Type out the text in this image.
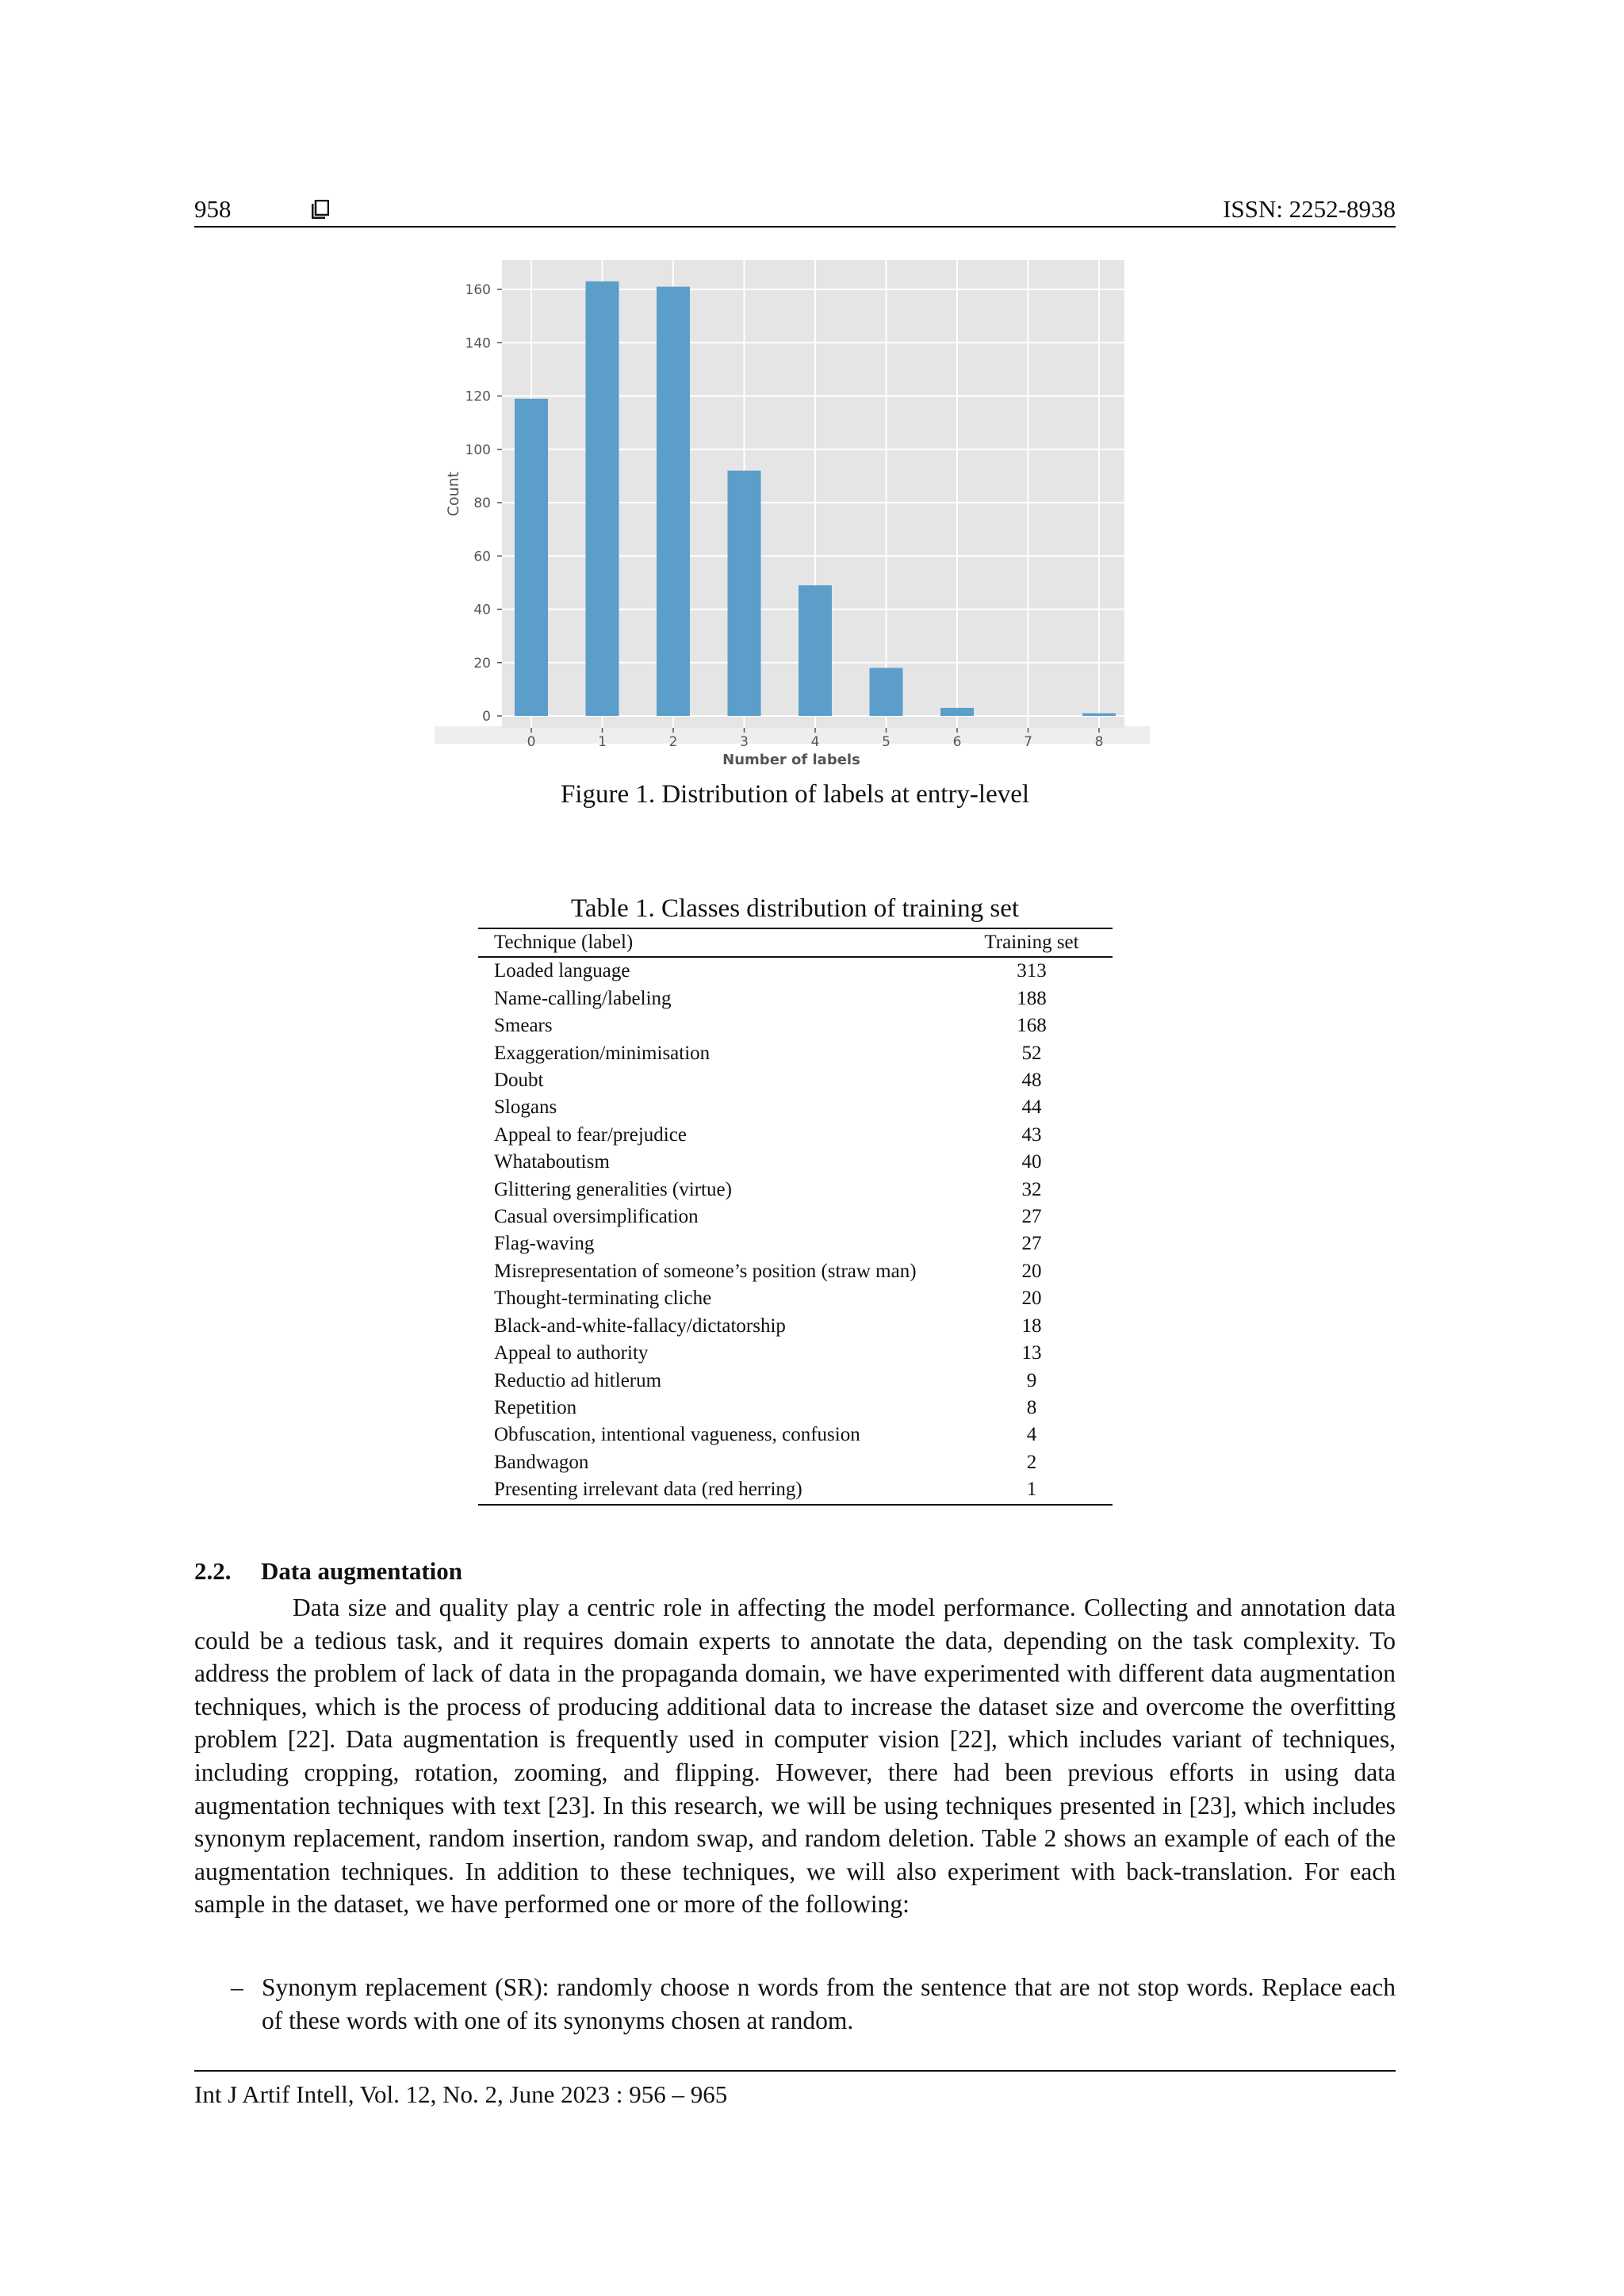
958	ISSN: 2252-8938
0
20
40
60
80
100
120
140
160
0	1	2	3	4	5	6	7	8
Number of labels
Count
Figure 1. Distribution of labels at entry-level
Table 1. Classes distribution of training set
Technique (label)	Training set
Loaded language	313
Name-calling/labeling	188
Smears	168
Exaggeration/minimisation	52
Doubt	48
Slogans	44
Appeal to fear/prejudice	43
Whataboutism	40
Glittering generalities (virtue)	32
Casual oversimplification	27
Flag-waving	27
Misrepresentation of someone’s position (straw man)	20
Thought-terminating cliche	20
Black-and-white-fallacy/dictatorship	18
Appeal to authority	13
Reductio ad hitlerum	9
Repetition	8
Obfuscation, intentional vagueness, confusion	4
Bandwagon	2
Presenting irrelevant data (red herring)	1
2.2. Data augmentation
Data size and quality play a centric role in affecting the model performance. Collecting and annotation data could be a tedious task, and it requires domain experts to annotate the data, depending on the task complexity. To address the problem of lack of data in the propaganda domain, we have experimented with different data augmentation techniques, which is the process of producing additional data to increase the dataset size and overcome the overfitting problem [22]. Data augmentation is frequently used in computer vision [22], which includes variant of techniques, including cropping, rotation, zooming, and flipping. However, there had been previous efforts in using data augmentation techniques with text [23]. In this research, we will be using techniques presented in [23], which includes synonym replacement, random insertion, random swap, and random deletion. Table 2 shows an example of each of the augmentation techniques. In addition to these techniques, we will also experiment with back-translation. For each sample in the dataset, we have performed one or more of the following:
– Synonym replacement (SR): randomly choose n words from the sentence that are not stop words. Replace each of these words with one of its synonyms chosen at random.
Int J Artif Intell, Vol. 12, No. 2, June 2023 : 956 – 965
